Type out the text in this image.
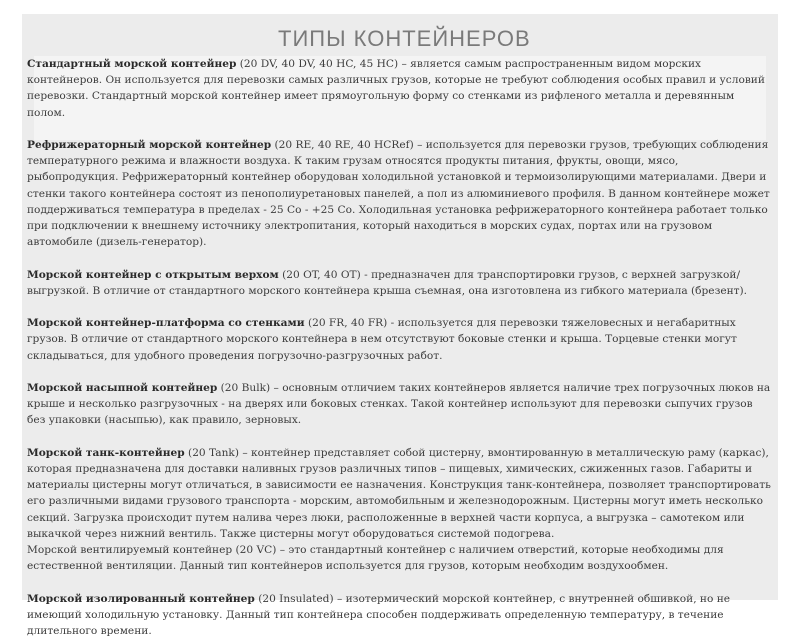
ТИПЫ КОНТЕЙНЕРОВ

Стандартный морской контейнер (20 DV, 40 DV, 40 HC, 45 HC) – является самым распространенным видом морских контейнеров. Он используется для перевозки самых различных грузов, которые не требуют соблюдения особых правил и условий перевозки. Стандартный морской контейнер имеет прямоугольную форму со стенками из рифленого металла и деревянным полом.

Рефрижераторный морской контейнер (20 RE, 40 RE, 40 HCRef) – используется для перевозки грузов, требующих соблюдения температурного режима и влажности воздуха. К таким грузам относятся продукты питания, фрукты, овощи, мясо, рыбопродукция. Рефрижераторный контейнер оборудован холодильной установкой и термоизолирующими материалами. Двери и стенки такого контейнера состоят из пенополиуретановых панелей, а пол из алюминиевого профиля. В данном контейнере может поддерживаться температура в пределах - 25 Со - +25 Со. Холодильная установка рефрижераторного контейнера работает только при подключении к внешнему источнику электропитания, который находиться в морских судах, портах или на грузовом автомобиле (дизель-генератор).

Морской контейнер с открытым верхом (20 OT, 40 OT) - предназначен для транспортировки грузов, с верхней загрузкой/выгрузкой. В отличие от стандартного морского контейнера крыша съемная, она изготовлена из гибкого материала (брезент).

Морской контейнер-платформа со стенками (20 FR, 40 FR) - используется для перевозки тяжеловесных и негабаритных грузов. В отличие от стандартного морского контейнера в нем отсутствуют боковые стенки и крыша. Торцевые стенки могут складываться, для удобного проведения погрузочно-разгрузочных работ.

Морской насыпной контейнер (20 Bulk) – основным отличием таких контейнеров является наличие трех погрузочных люков на крыше и несколько разгрузочных - на дверях или боковых стенках. Такой контейнер используют для перевозки сыпучих грузов без упаковки (насыпью), как правило, зерновых.

Морской танк-контейнер (20 Tank) – контейнер представляет собой цистерну, вмонтированную в металлическую раму (каркас), которая предназначена для доставки наливных грузов различных типов – пищевых, химических, сжиженных газов. Габариты и материалы цистерны могут отличаться, в зависимости ее назначения. Конструкция танк-контейнера, позволяет транспортировать его различными видами грузового транспорта - морским, автомобильным и железнодорожным. Цистерны могут иметь несколько секций. Загрузка происходит путем налива через люки, расположенные в верхней части корпуса, а выгрузка – самотеком или выкачкой через нижний вентиль. Также цистерны могут оборудоваться системой подогрева.

Морской вентилируемый контейнер (20 VC) – это стандартный контейнер с наличием отверстий, которые необходимы для естественной вентиляции. Данный тип контейнеров используется для грузов, которым необходим воздухообмен.

Морской изолированный контейнер (20 Insulated) – изотермический морской контейнер, с внутренней обшивкой, но не имеющий холодильную установку. Данный тип контейнера способен поддерживать определенную температуру, в течение длительного времени.
